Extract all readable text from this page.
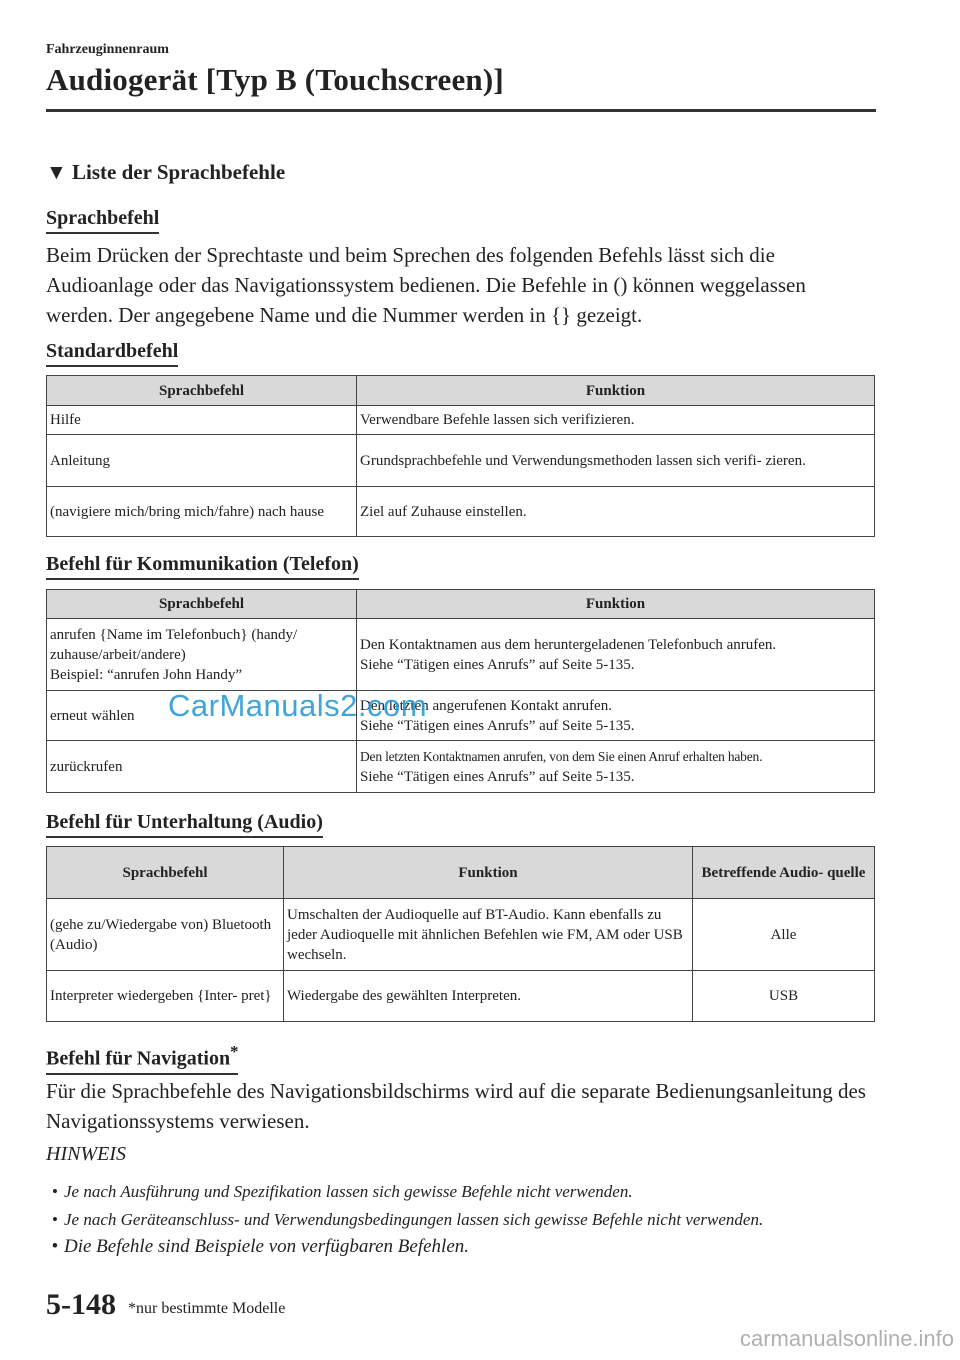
Fahrzeuginnenraum
Audiogerät [Typ B (Touchscreen)]
▼ Liste der Sprachbefehle
Sprachbefehl
Beim Drücken der Sprechtaste und beim Sprechen des folgenden Befehls lässt sich die Audioanlage oder das Navigationssystem bedienen. Die Befehle in () können weggelassen werden. Der angegebene Name und die Nummer werden in {} gezeigt.
Standardbefehl
Sprachbefehl	Funktion
Hilfe	Verwendbare Befehle lassen sich verifizieren.
Anleitung	Grundsprachbefehle und Verwendungsmethoden lassen sich verifi- zieren.
(navigiere mich/bring mich/fahre) nach hause	Ziel auf Zuhause einstellen.
Befehl für Kommunikation (Telefon)
Sprachbefehl	Funktion

anrufen {Name im Telefonbuch} (handy/ zuhause/arbeit/andere)
Beispiel: “anrufen John Handy”	Den Kontaktnamen aus dem heruntergeladenen Telefonbuch anrufen.
Siehe “Tätigen eines Anrufs” auf Seite 5-135.

erneut wählen	Den letzten angerufenen Kontakt anrufen.
Siehe “Tätigen eines Anrufs” auf Seite 5-135.

zurückrufen	Den letzten Kontaktnamen anrufen, von dem Sie einen Anruf erhalten haben.
Siehe “Tätigen eines Anrufs” auf Seite 5-135.
CarManuals2.com
Befehl für Unterhaltung (Audio)
Sprachbefehl	Funktion	Betreffende Audio- quelle
(gehe zu/Wiedergabe von) Bluetooth (Audio)	Umschalten der Audioquelle auf BT-Audio. Kann ebenfalls zu jeder Audioquelle mit ähnlichen Befehlen wie FM, AM oder USB wechseln.	Alle
Interpreter wiedergeben {Inter- pret}	Wiedergabe des gewählten Interpreten.	USB
Befehl für Navigation*
Für die Sprachbefehle des Navigationsbildschirms wird auf die separate Bedienungsanleitung des Navigationssystems verwiesen.
HINWEIS
• Je nach Ausführung und Spezifikation lassen sich gewisse Befehle nicht verwenden.
• Je nach Geräteanschluss- und Verwendungsbedingungen lassen sich gewisse Befehle nicht verwenden.
• Die Befehle sind Beispiele von verfügbaren Befehlen.
5-148 *nur bestimmte Modelle
carmanualsonline.info
